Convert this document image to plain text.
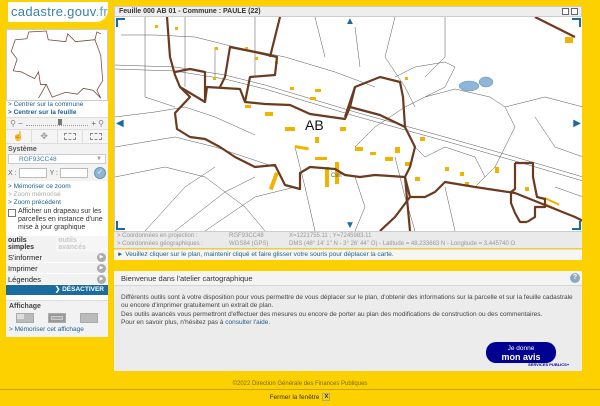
cadastre.gouv.fr
> Centrer sur la commune
> Centrer sur la feuille
⚲ −	+ ⚲
☝	✥
Système
RGF93CC48	▼
X :	Y :	✓
> Mémoriser ce zoom
> Zoom mémorisé
> Zoom précédent
Afficher un drapeau sur les parcelles en instance d'une mise à jour graphique
outils simples
outils avancés
S'informer	▶
Imprimer	▶
Légendes	▶
❯ DÉSACTIVER
Affichage
> Mémoriser cet affichage
Feuille 000 AB 01 - Commune : PAULE (22)
AB
Cim
▲
▼
◀	▶
> Coordonnées en projection :	RGF93CC48	X=1221755.11 ; Y=7245983.11
> Coordonnées géographiques :	WGS84 (GPS)	DMS (48° 14' 1'' N - 3° 26' 44'' O) - Latitude = 48.233663 N - Longitude = 3.445740 O
► Veuillez cliquer sur le plan, maintenir cliqué et faire glisser votre souris pour déplacer la carte.
Bienvenue dans l'atelier cartographique
Différents outils sont à votre disposition pour vous permettre de vous déplacer sur le plan, d'obtenir des informations sur la parcelle et sur la feuille cadastrale
ou encore d'imprimer gratuitement un extrait de plan.
Des outils avancés vous permettront d'effectuer des mesures ou encore de porter au plan des modifications de construction ou des commentaires.
Pour en savoir plus, n'hésitez pas à consulter l'aide.
Je donne
mon avis
SERVICES PUBLICS+
?
©2022 Direction Générale des Finances Publiques
Fermer la fenêtre x
